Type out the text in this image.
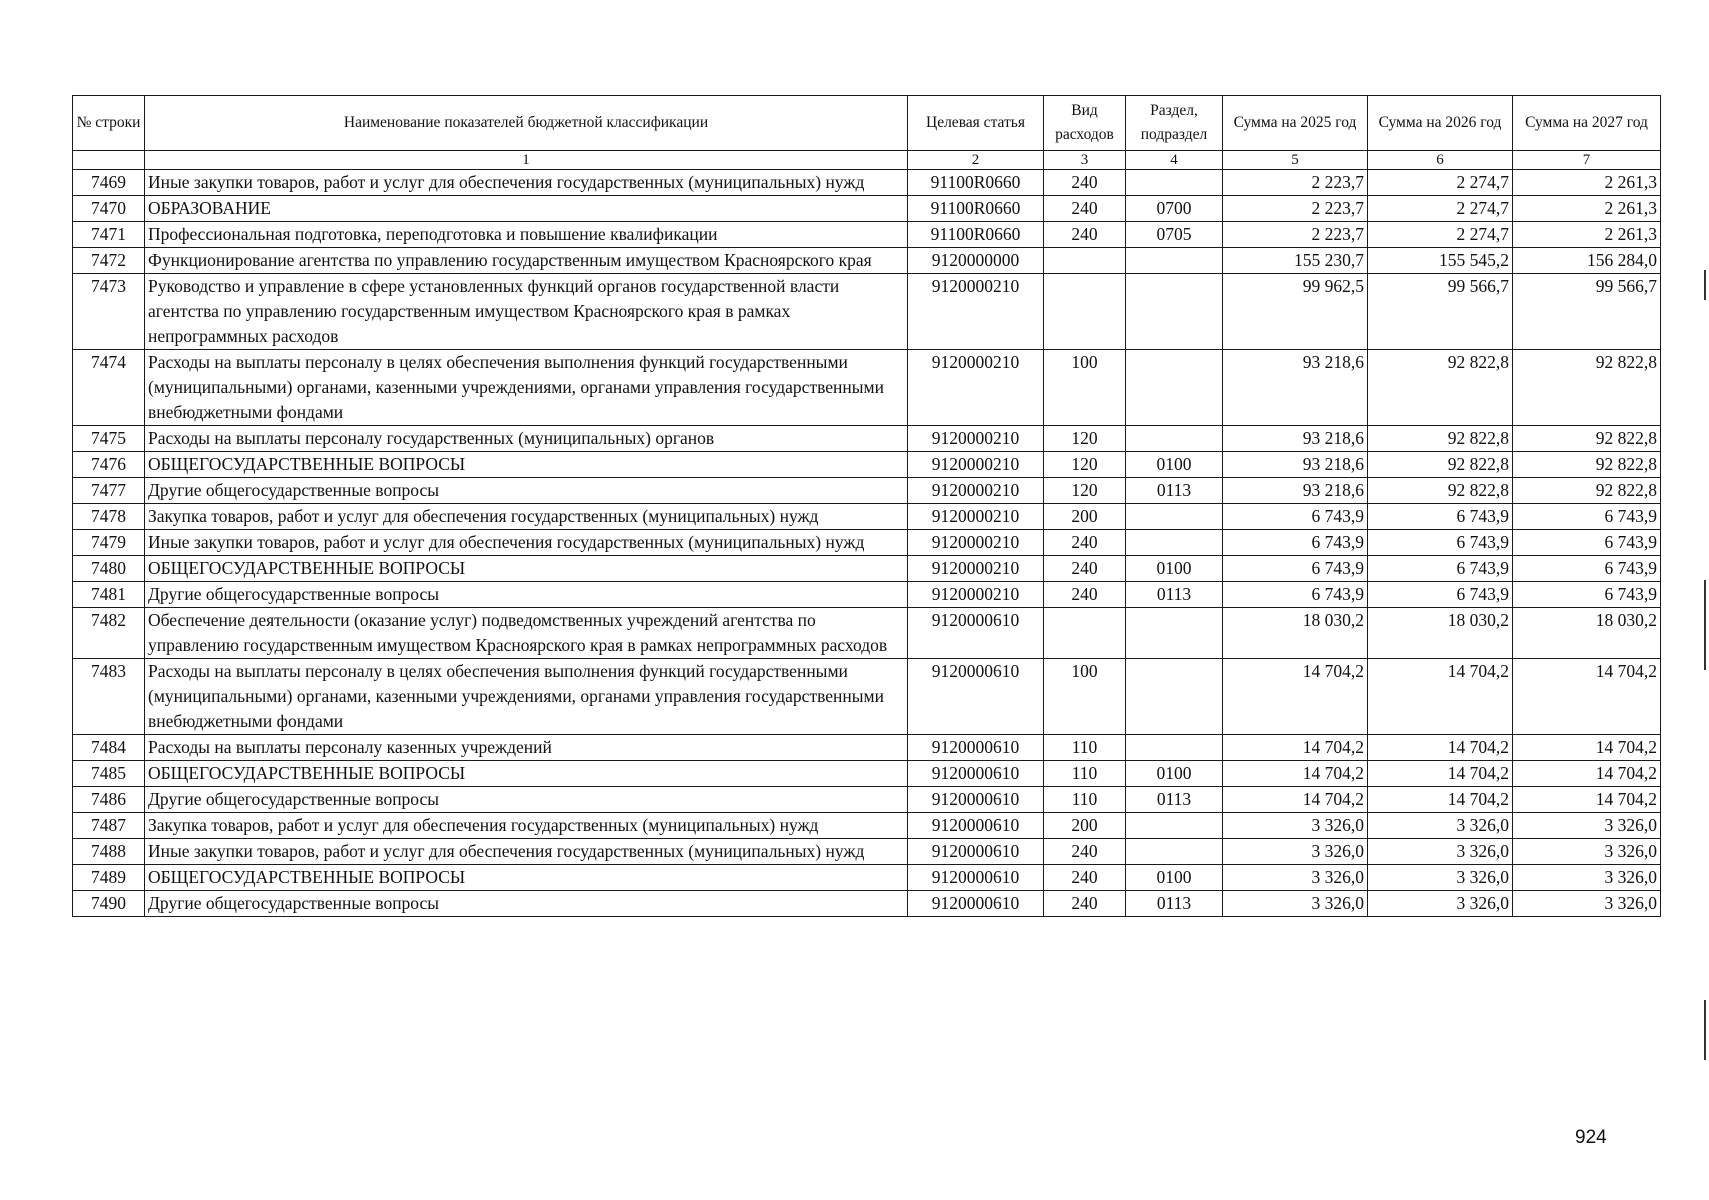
№ строки	Наименование показателей бюджетной классификации	Целевая статья	Вид расходов	Раздел, подраздел	Сумма на 2025 год	Сумма на 2026 год	Сумма на 2027 год
	1	2	3	4	5	6	7
7469	Иные закупки товаров, работ и услуг для обеспечения государственных (муниципальных) нужд	91100R0660	240		2 223,7	2 274,7	2 261,3
7470	ОБРАЗОВАНИЕ	91100R0660	240	0700	2 223,7	2 274,7	2 261,3
7471	Профессиональная подготовка, переподготовка и повышение квалификации	91100R0660	240	0705	2 223,7	2 274,7	2 261,3
7472	Функционирование агентства по управлению государственным имуществом Красноярского края	9120000000			155 230,7	155 545,2	156 284,0
7473	Руководство и управление в сфере установленных функций органов государственной власти агентства по управлению государственным имуществом Красноярского края в рамках непрограммных расходов	9120000210			99 962,5	99 566,7	99 566,7
7474	Расходы на выплаты персоналу в целях обеспечения выполнения функций государственными (муниципальными) органами, казенными учреждениями, органами управления государственными внебюджетными фондами	9120000210	100		93 218,6	92 822,8	92 822,8
7475	Расходы на выплаты персоналу государственных (муниципальных) органов	9120000210	120		93 218,6	92 822,8	92 822,8
7476	ОБЩЕГОСУДАРСТВЕННЫЕ ВОПРОСЫ	9120000210	120	0100	93 218,6	92 822,8	92 822,8
7477	Другие общегосударственные вопросы	9120000210	120	0113	93 218,6	92 822,8	92 822,8
7478	Закупка товаров, работ и услуг для обеспечения государственных (муниципальных) нужд	9120000210	200		6 743,9	6 743,9	6 743,9
7479	Иные закупки товаров, работ и услуг для обеспечения государственных (муниципальных) нужд	9120000210	240		6 743,9	6 743,9	6 743,9
7480	ОБЩЕГОСУДАРСТВЕННЫЕ ВОПРОСЫ	9120000210	240	0100	6 743,9	6 743,9	6 743,9
7481	Другие общегосударственные вопросы	9120000210	240	0113	6 743,9	6 743,9	6 743,9
7482	Обеспечение деятельности (оказание услуг) подведомственных учреждений агентства по управлению государственным имуществом Красноярского края в рамках непрограммных расходов	9120000610			18 030,2	18 030,2	18 030,2
7483	Расходы на выплаты персоналу в целях обеспечения выполнения функций государственными (муниципальными) органами, казенными учреждениями, органами управления государственными внебюджетными фондами	9120000610	100		14 704,2	14 704,2	14 704,2
7484	Расходы на выплаты персоналу казенных учреждений	9120000610	110		14 704,2	14 704,2	14 704,2
7485	ОБЩЕГОСУДАРСТВЕННЫЕ ВОПРОСЫ	9120000610	110	0100	14 704,2	14 704,2	14 704,2
7486	Другие общегосударственные вопросы	9120000610	110	0113	14 704,2	14 704,2	14 704,2
7487	Закупка товаров, работ и услуг для обеспечения государственных (муниципальных) нужд	9120000610	200		3 326,0	3 326,0	3 326,0
7488	Иные закупки товаров, работ и услуг для обеспечения государственных (муниципальных) нужд	9120000610	240		3 326,0	3 326,0	3 326,0
7489	ОБЩЕГОСУДАРСТВЕННЫЕ ВОПРОСЫ	9120000610	240	0100	3 326,0	3 326,0	3 326,0
7490	Другие общегосударственные вопросы	9120000610	240	0113	3 326,0	3 326,0	3 326,0
924
